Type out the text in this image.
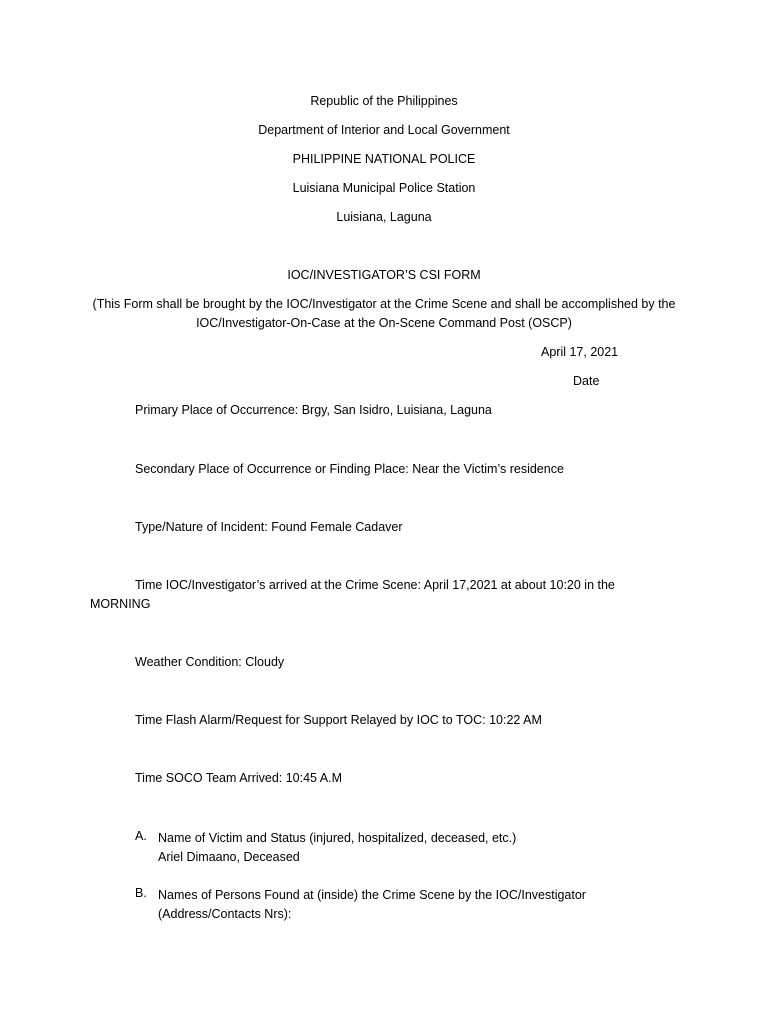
Republic of the Philippines
Department of Interior and Local Government
PHILIPPINE NATIONAL POLICE
Luisiana Municipal Police Station
Luisiana, Laguna
IOC/INVESTIGATOR’S CSI FORM
(This Form shall be brought by the IOC/Investigator at the Crime Scene and shall be accomplished by the
IOC/Investigator-On-Case at the On-Scene Command Post (OSCP)
April 17, 2021
Date
Primary Place of Occurrence: Brgy, San Isidro, Luisiana, Laguna
Secondary Place of Occurrence or Finding Place: Near the Victim’s residence
Type/Nature of Incident: Found Female Cadaver
Time IOC/Investigator’s arrived at the Crime Scene: April 17,2021 at about 10:20 in the
MORNING
Weather Condition: Cloudy
Time Flash Alarm/Request for Support Relayed by IOC to TOC: 10:22 AM
Time SOCO Team Arrived: 10:45 A.M
A. Name of Victim and Status (injured, hospitalized, deceased, etc.)
Ariel Dimaano, Deceased
B. Names of Persons Found at (inside) the Crime Scene by the IOC/Investigator
(Address/Contacts Nrs):
